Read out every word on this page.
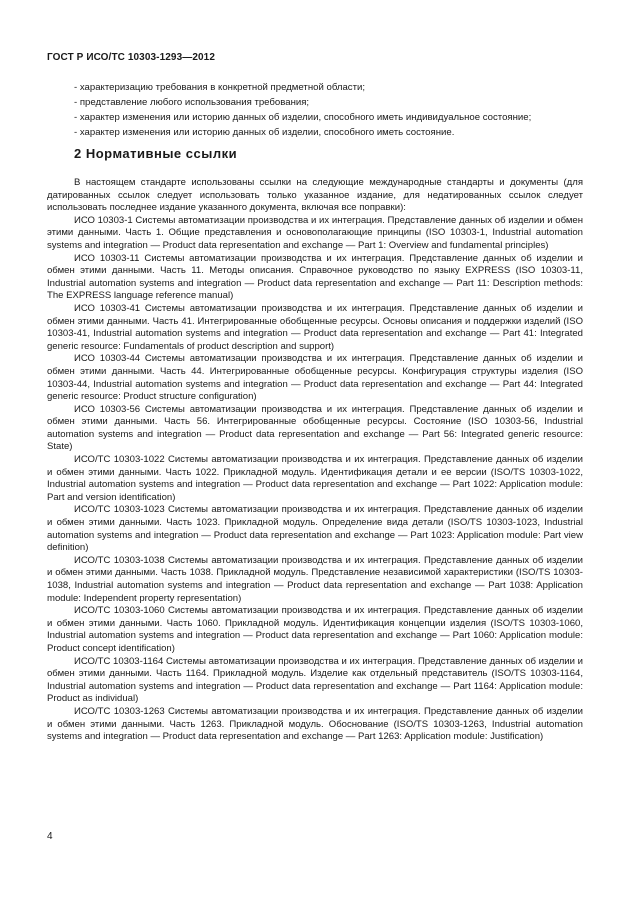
ГОСТ Р ИСО/ТС 10303-1293—2012
- характеризацию требования в конкретной предметной области;
- представление любого использования требования;
- характер изменения или историю данных об изделии, способного иметь индивидуальное состояние;
- характер изменения или историю данных об изделии, способного иметь состояние.
2 Нормативные ссылки

В настоящем стандарте использованы ссылки на следующие международные стандарты и документы (для датированных ссылок следует использовать только указанное издание, для недатированных ссылок следует использовать последнее издание указанного документа, включая все поправки):

ИСО 10303-1 Системы автоматизации производства и их интеграция. Представление данных об изделии и обмен этими данными. Часть 1. Общие представления и основополагающие принципы (ISO 10303-1, Industrial automation systems and integration — Product data representation and exchange — Part 1: Overview and fundamental principles)

ИСО 10303-11 Системы автоматизации производства и их интеграция. Представление данных об изделии и обмен этими данными. Часть 11. Методы описания. Справочное руководство по языку EXPRESS (ISO 10303-11, Industrial automation systems and integration — Product data representation and exchange — Part 11: Description methods: The EXPRESS language reference manual)

ИСО 10303-41 Системы автоматизации производства и их интеграция. Представление данных об изделии и обмен этими данными. Часть 41. Интегрированные обобщенные ресурсы. Основы описания и поддержки изделий (ISO 10303-41, Industrial automation systems and integration — Product data representation and exchange — Part 41: Integrated generic resource: Fundamentals of product description and support)

ИСО 10303-44 Системы автоматизации производства и их интеграция. Представление данных об изделии и обмен этими данными. Часть 44. Интегрированные обобщенные ресурсы. Конфигурация структуры изделия (ISO 10303-44, Industrial automation systems and integration — Product data representation and exchange — Part 44: Integrated generic resource: Product structure configuration)

ИСО 10303-56 Системы автоматизации производства и их интеграция. Представление данных об изделии и обмен этими данными. Часть 56. Интегрированные обобщенные ресурсы. Состояние (ISO 10303-56, Industrial automation systems and integration — Product data representation and exchange — Part 56: Integrated generic resource: State)

ИСО/ТС 10303-1022 Системы автоматизации производства и их интеграция. Представление данных об изделии и обмен этими данными. Часть 1022. Прикладной модуль. Идентификация детали и ее версии (ISO/TS 10303-1022, Industrial automation systems and integration — Product data representation and exchange — Part 1022: Application module: Part and version identification)

ИСО/ТС 10303-1023 Системы автоматизации производства и их интеграция. Представление данных об изделии и обмен этими данными. Часть 1023. Прикладной модуль. Определение вида детали (ISO/TS 10303-1023, Industrial automation systems and integration — Product data representation and exchange — Part 1023: Application module: Part view definition)

ИСО/ТС 10303-1038 Системы автоматизации производства и их интеграция. Представление данных об изделии и обмен этими данными. Часть 1038. Прикладной модуль. Представление независимой характеристики (ISO/TS 10303-1038, Industrial automation systems and integration — Product data representation and exchange — Part 1038: Application module: Independent property representation)

ИСО/ТС 10303-1060 Системы автоматизации производства и их интеграция. Представление данных об изделии и обмен этими данными. Часть 1060. Прикладной модуль. Идентификация концепции изделия (ISO/TS 10303-1060, Industrial automation systems and integration — Product data representation and exchange — Part 1060: Application module: Product concept identification)

ИСО/ТС 10303-1164 Системы автоматизации производства и их интеграция. Представление данных об изделии и обмен этими данными. Часть 1164. Прикладной модуль. Изделие как отдельный представитель (ISO/TS 10303-1164, Industrial automation systems and integration — Product data representation and exchange — Part 1164: Application module: Product as individual)

ИСО/ТС 10303-1263 Системы автоматизации производства и их интеграция. Представление данных об изделии и обмен этими данными. Часть 1263. Прикладной модуль. Обоснование (ISO/TS 10303-1263, Industrial automation systems and integration — Product data representation and exchange — Part 1263: Application module: Justification)

4
